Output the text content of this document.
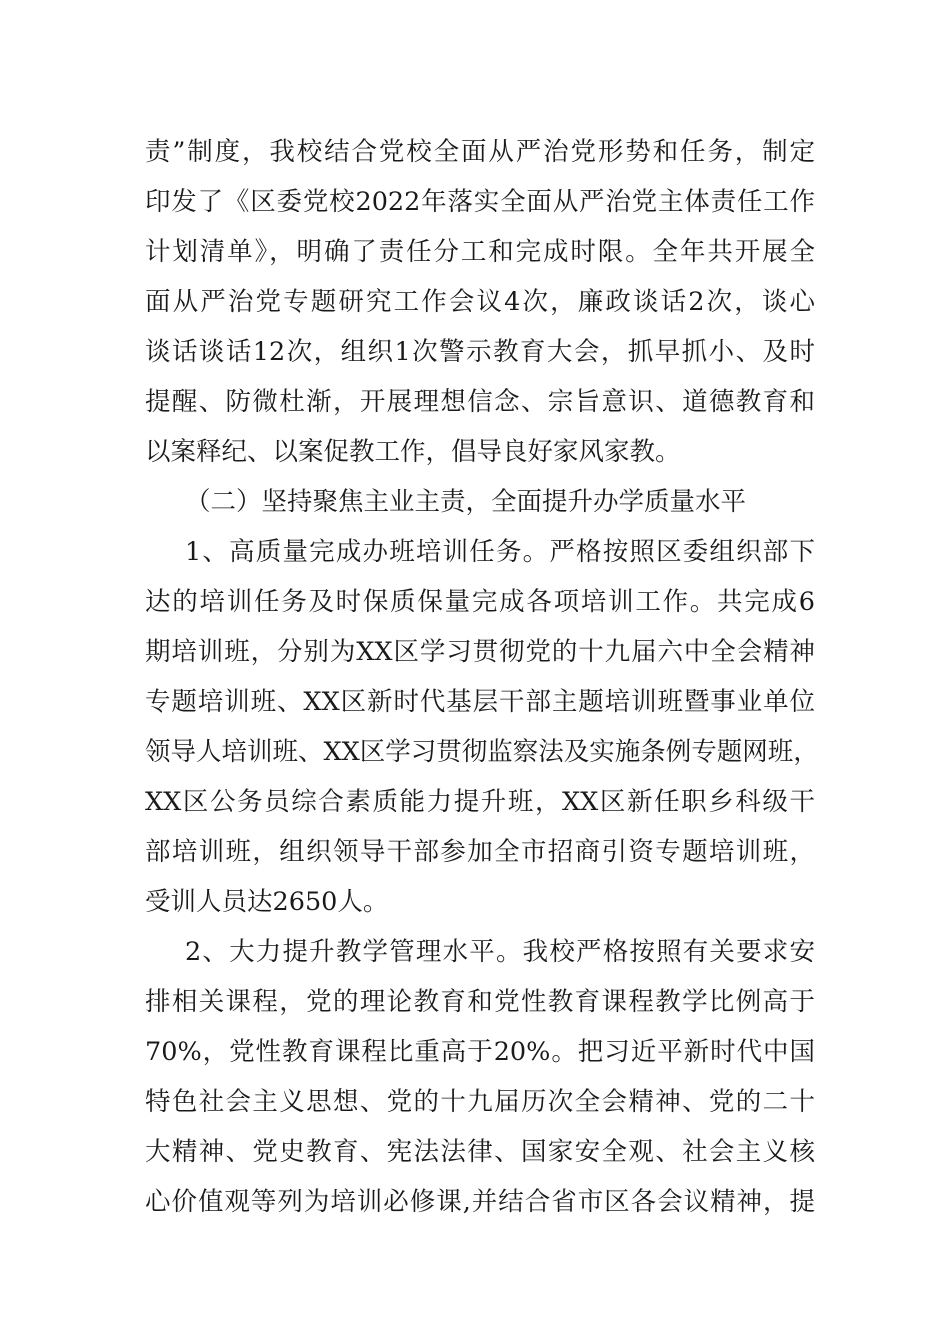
责”制度，我校结合党校全面从严治党形势和任务，制定
印发了《区委党校2022年落实全面从严治党主体责任工作
计划清单》，明确了责任分工和完成时限。全年共开展全
面从严治党专题研究工作会议4次，廉政谈话2次，谈心
谈话谈话12次，组织1次警示教育大会，抓早抓小、及时
提醒、防微杜渐，开展理想信念、宗旨意识、道德教育和
以案释纪、以案促教工作，倡导良好家风家教。
（二）坚持聚焦主业主责，全面提升办学质量水平
1、高质量完成办班培训任务。严格按照区委组织部下
达的培训任务及时保质保量完成各项培训工作。共完成6
期培训班，分别为XX区学习贯彻党的十九届六中全会精神
专题培训班、XX区新时代基层干部主题培训班暨事业单位
领导人培训班、XX区学习贯彻监察法及实施条例专题网班，
XX区公务员综合素质能力提升班，XX区新任职乡科级干
部培训班，组织领导干部参加全市招商引资专题培训班，
受训人员达2650人。
2、大力提升教学管理水平。我校严格按照有关要求安
排相关课程，党的理论教育和党性教育课程教学比例高于
70%，党性教育课程比重高于20%。把习近平新时代中国
特色社会主义思想、党的十九届历次全会精神、党的二十
大精神、党史教育、宪法法律、国家安全观、社会主义核
心价值观等列为培训必修课,并结合省市区各会议精神，提
